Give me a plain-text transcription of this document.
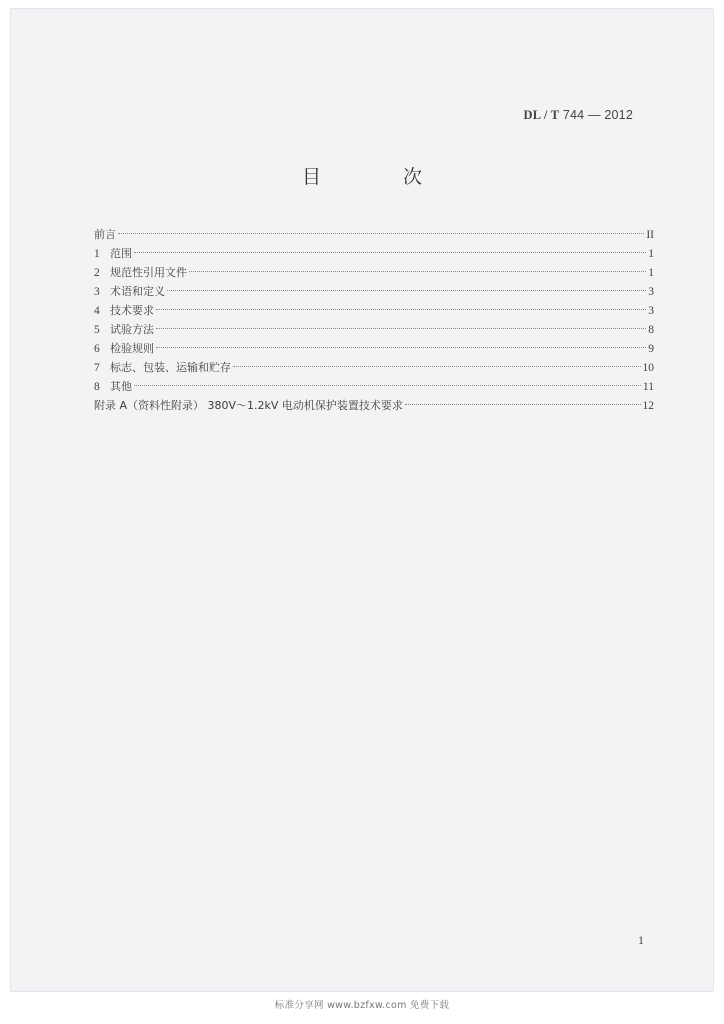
DL / T 744 — 2012
目 次
前言	II
1 范围	1
2 规范性引用文件	1
3 术语和定义	3
4 技术要求	3
5 试验方法	8
6 检验规则	9
7 标志、包装、运输和贮存	10
8 其他	11
附录 A（资料性附录） 380V～1.2kV 电动机保护装置技术要求	12
1
标准分享网 www.bzfxw.com 免费下载
